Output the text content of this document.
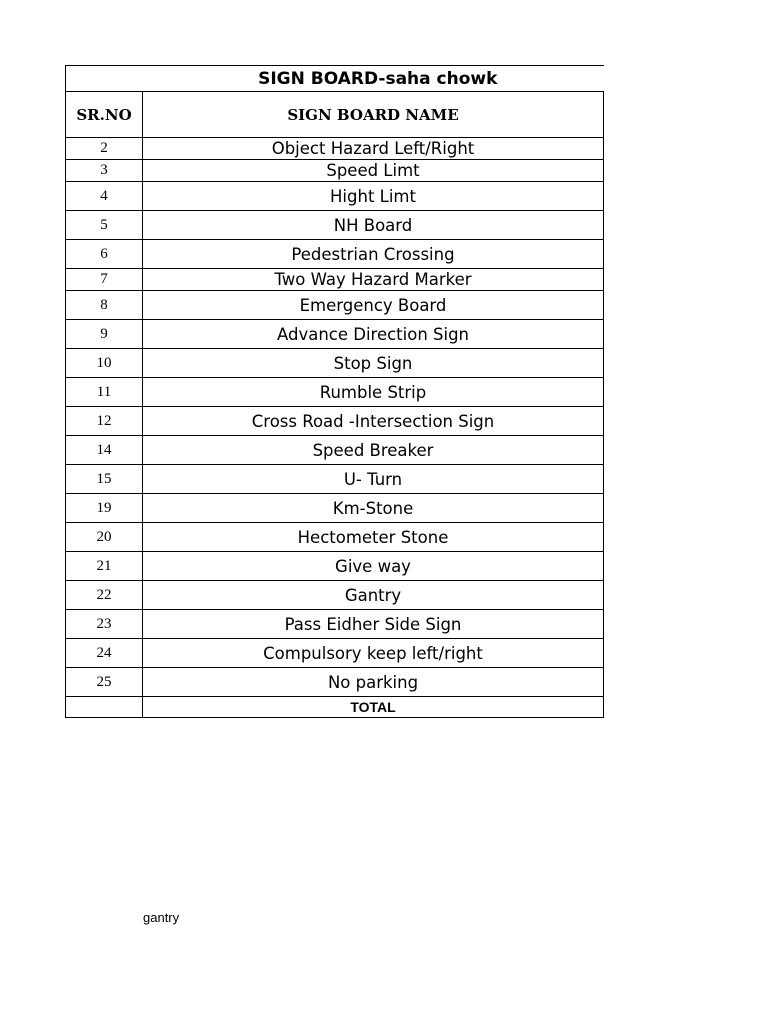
SIGN BOARD-saha chowk	
SR.NO	SIGN BOARD NAME
2	Object Hazard Left/Right
3	Speed Limt
4	Hight Limt
5	NH Board
6	Pedestrian Crossing
7	Two Way Hazard Marker
8	Emergency Board
9	Advance Direction Sign
10	Stop Sign
11	Rumble Strip
12	Cross Road -Intersection Sign
14	Speed Breaker
15	U- Turn
19	Km-Stone
20	Hectometer Stone
21	Give way
22	Gantry
23	Pass Eidher Side Sign
24	Compulsory keep left/right
25	No parking
	TOTAL
gantry
